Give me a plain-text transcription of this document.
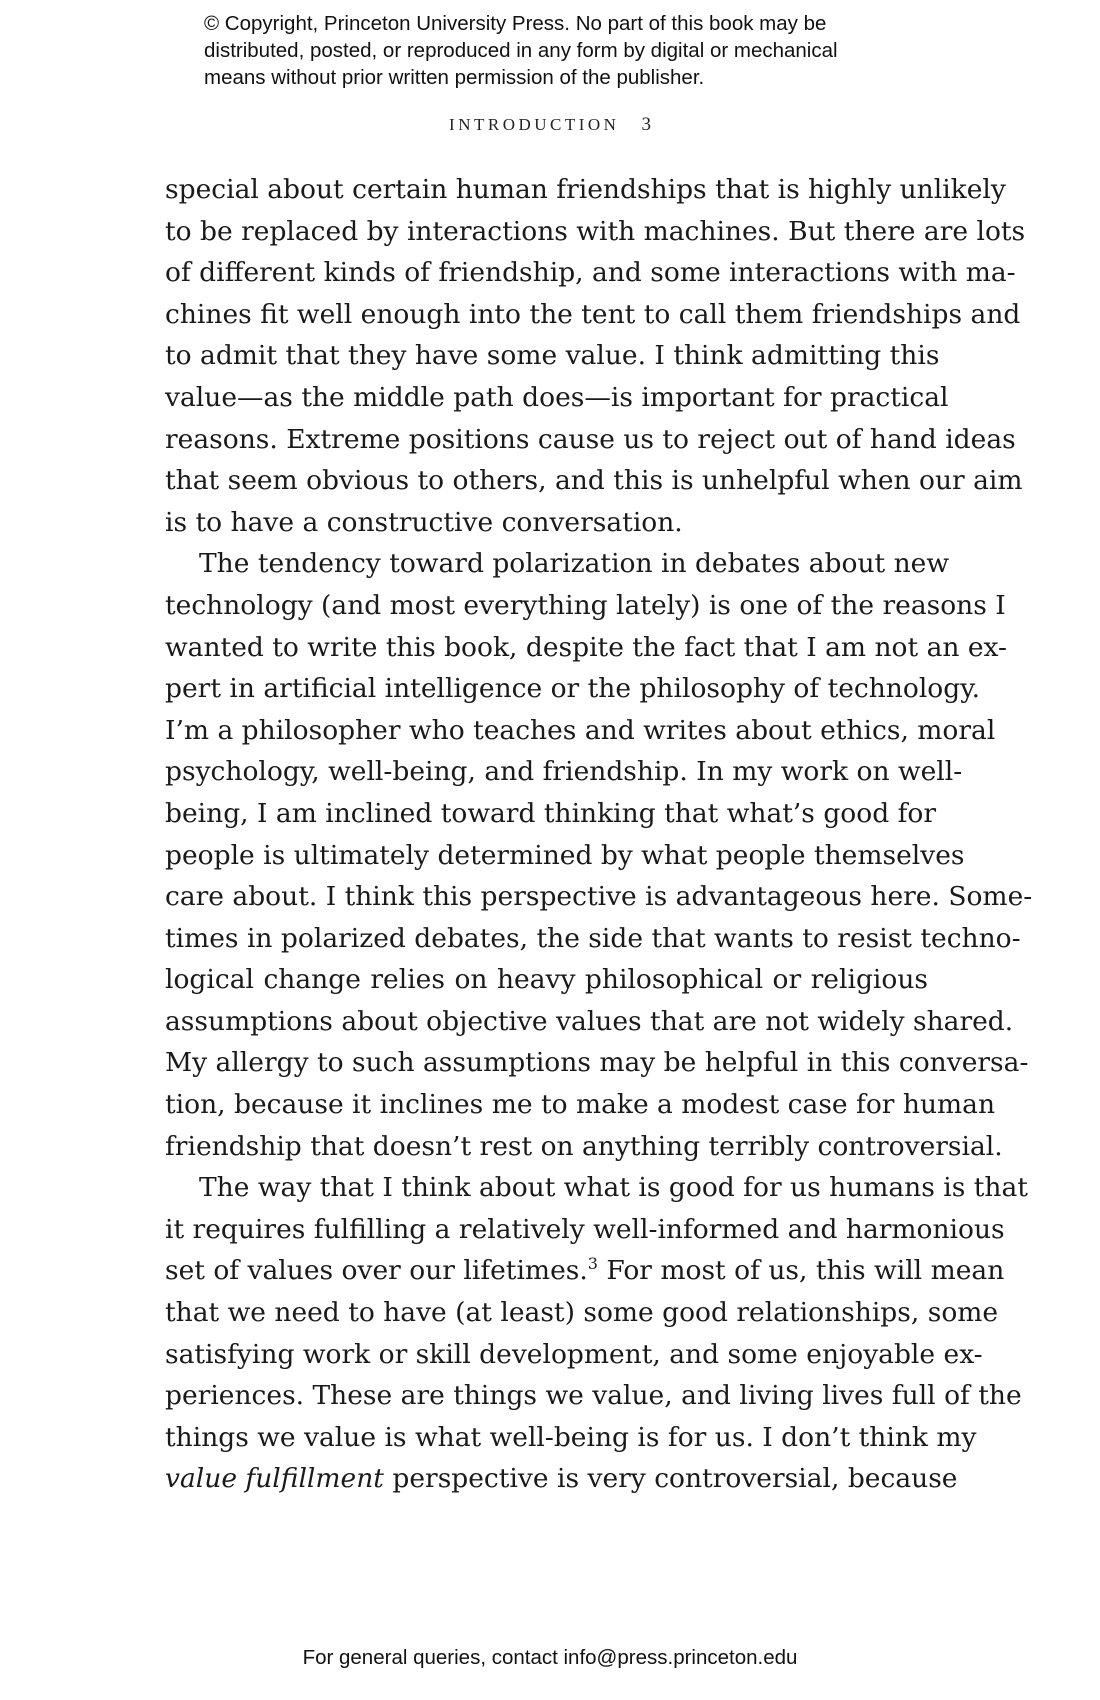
© Copyright, Princeton University Press. No part of this book may be
distributed, posted, or reproduced in any form by digital or mechanical
means without prior written permission of the publisher.
INTRODUCTION 3
special about certain human friendships that is highly unlikely
to be replaced by interactions with machines. But there are lots
of different kinds of friendship, and some interactions with ma-
chines fit well enough into the tent to call them friendships and
to admit that they have some value. I think admitting this
value—as the middle path does—is important for practical
reasons. Extreme positions cause us to reject out of hand ideas
that seem obvious to others, and this is unhelpful when our aim
is to have a constructive conversation.
The tendency toward polarization in debates about new
technology (and most everything lately) is one of the reasons I
wanted to write this book, despite the fact that I am not an ex-
pert in artificial intelligence or the philosophy of technology.
I’m a philosopher who teaches and writes about ethics, moral
psychology, well-being, and friendship. In my work on well-
being, I am inclined toward thinking that what’s good for
people is ultimately determined by what people themselves
care about. I think this perspective is advantageous here. Some-
times in polarized debates, the side that wants to resist techno-
logical change relies on heavy philosophical or religious
assumptions about objective values that are not widely shared.
My allergy to such assumptions may be helpful in this conversa-
tion, because it inclines me to make a modest case for human
friendship that doesn’t rest on anything terribly controversial.
The way that I think about what is good for us humans is that
it requires fulfilling a relatively well-informed and harmonious
set of values over our lifetimes.$^3$ For most of us, this will mean
that we need to have (at least) some good relationships, some
satisfying work or skill development, and some enjoyable ex-
periences. These are things we value, and living lives full of the
things we value is what well-being is for us. I don’t think my
value fulfillment perspective is very controversial, because
For general queries, contact info@press.princeton.edu
